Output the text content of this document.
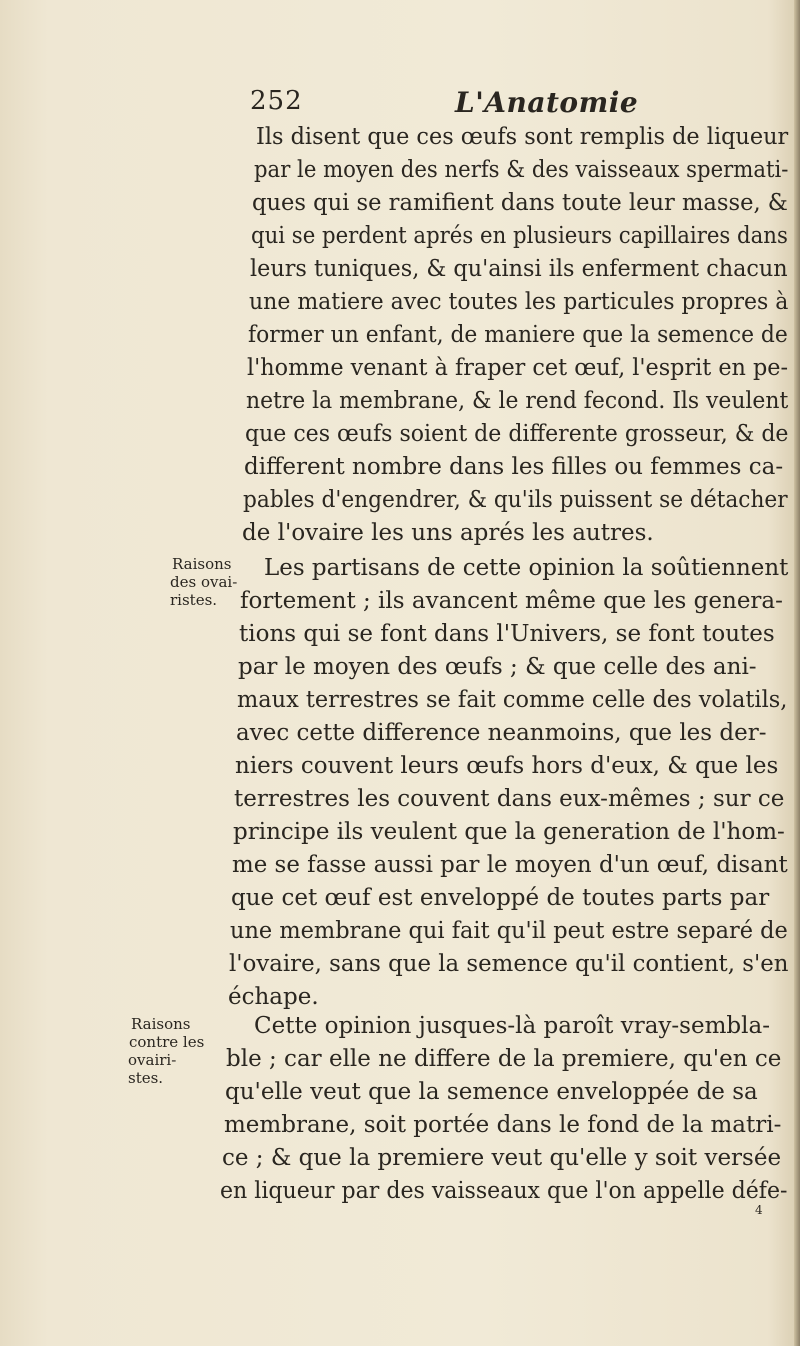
252	L'Anatomie
Ils disent que ces œufs sont remplis de liqueur
par le moyen des nerfs & des vaisseaux spermati-
ques qui se ramifient dans toute leur masse, &
qui se perdent aprés en plusieurs capillaires dans
leurs tuniques, & qu'ainsi ils enferment chacun
une matiere avec toutes les particules propres à
former un enfant, de maniere que la semence de
l'homme venant à fraper cet œuf, l'esprit en pe-
netre la membrane, & le rend fecond. Ils veulent
que ces œufs soient de differente grosseur, & de
different nombre dans les filles ou femmes ca-
pables d'engendrer, & qu'ils puissent se détacher
de l'ovaire les uns aprés les autres.
Les partisans de cette opinion la soûtiennent
fortement ; ils avancent même que les genera-
tions qui se font dans l'Univers, se font toutes
par le moyen des œufs ; & que celle des ani-
maux terrestres se fait comme celle des volatils,
avec cette difference neanmoins, que les der-
niers couvent leurs œufs hors d'eux, & que les
terrestres les couvent dans eux-mêmes ; sur ce
principe ils veulent que la generation de l'hom-
me se fasse aussi par le moyen d'un œuf, disant
que cet œuf est enveloppé de toutes parts par
une membrane qui fait qu'il peut estre separé de
l'ovaire, sans que la semence qu'il contient, s'en
échape.
Cette opinion jusques-là paroît vray-sembla-
ble ; car elle ne differe de la premiere, qu'en ce
qu'elle veut que la semence enveloppée de sa
membrane, soit portée dans le fond de la matri-
ce ; & que la premiere veut qu'elle y soit versée
en liqueur par des vaisseaux que l'on appelle défe-
Raisons
des ovai-
ristes.
Raisons
contre les
ovairi-
stes.
4
